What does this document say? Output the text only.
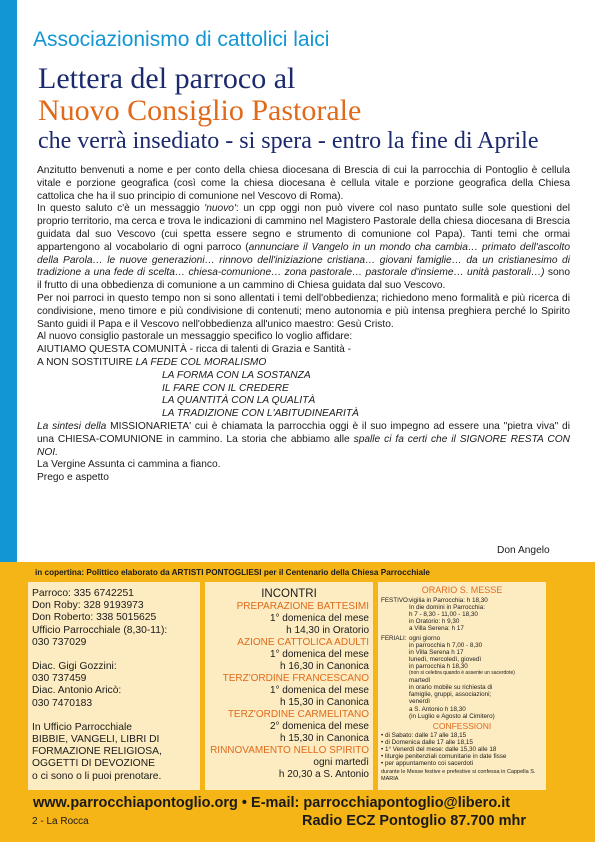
Associazionismo di cattolici laici
Lettera del parroco al
Nuovo Consiglio Pastorale
che verrà insediato - si spera - entro la fine di Aprile

Anzitutto benvenuti a nome e per conto della chiesa diocesana di Brescia di cui la parrocchia di Pontoglio è cellula vitale e porzione geografica (così come la chiesa diocesana è cellula vitale e porzione geografica della Chiesa cattolica che ha il suo principio di comunione nel Vescovo di Roma).

In questo saluto c'è un messaggio 'nuovo': un cpp oggi non può vivere col naso puntato sulle sole questioni del proprio territorio, ma cerca e trova le indicazioni di cammino nel Magistero Pastorale della chiesa diocesana di Brescia guidata dal suo Vescovo (cui spetta essere segno e strumento di comunione col Papa). Tanti temi che ormai appartengono al vocabolario di ogni parroco (annunciare il Vangelo in un mondo cha cambia… primato dell'ascolto della Parola… le nuove generazioni… rinnovo dell'iniziazione cristiana… giovani famiglie… da un cristianesimo di tradizione a una fede di scelta… chiesa-comunione… zona pastorale… pastorale d'insieme… unità pastorali…) sono il frutto di una obbedienza di comunione a un cammino di Chiesa guidata dal suo Vescovo.

Per noi parroci in questo tempo non si sono allentati i temi dell'obbedienza; richiedono meno formalità e più ricerca di condivisione, meno timore e più condivisione di contenuti; meno autonomia e più intensa preghiera perché lo Spirito Santo guidi il Papa e il Vescovo nell'obbedienza all'unico maestro: Gesù Cristo.

Al nuovo consiglio pastorale un messaggio specifico lo voglio affidare:

AIUTIAMO QUESTA COMUNITÀ - ricca di talenti di Grazia e Santità -

A NON SOSTITUIRE LA FEDE COL MORALISMO

LA FORMA CON LA SOSTANZA
IL FARE CON IL CREDERE
LA QUANTITÀ CON LA QUALITÀ
LA TRADIZIONE CON L'ABITUDINEARITÀ

La sintesi della MISSIONARIETA' cui è chiamata la parrocchia oggi è il suo impegno ad essere una "pietra viva" di una CHIESA-COMUNIONE in cammino. La storia che abbiamo alle spalle ci fa certi che il SIGNORE RESTA CON NOI.

La Vergine Assunta ci cammina a fianco.

Prego e aspetto

Don Angelo
in copertina: Polittico elaborato da ARTISTI PONTOGLIESI per il Centenario della Chiesa Parrocchiale
Parroco: 335 6742251
Don Roby: 328 9193973
Don Roberto: 338 5015625
Ufficio Parrocchiale (8,30-11):
030 737029
Diac. Gigi Gozzini:
030 737459
Diac. Antonio Aricò:
030 7470183
In Ufficio Parrocchiale
BIBBIE, VANGELI, LIBRI DI
FORMAZIONE RELIGIOSA,
OGGETTI DI DEVOZIONE
o ci sono o li puoi prenotare.
INCONTRI
PREPARAZIONE BATTESIMI
1° domenica del mese
h 14,30 in Oratorio
AZIONE CATTOLICA ADULTI
1° domenica del mese
h 16,30 in Canonica
TERZ'ORDINE FRANCESCANO
1° domenica del mese
h 15,30 in Canonica
TERZ'ORDINE CARMELITANO
2° domenica del mese
h 15,30 in Canonica
RINNOVAMENTO NELLO SPIRITO
ogni martedì
h 20,30 a S. Antonio
ORARIO S. MESSE
FESTIVO: vigilia in Parrocchia: h 18,30
In die domini in Parrocchia:
h 7 - 8,30 - 11,00 - 18,30
in Oratorio: h 9,30
a Villa Serena: h 17
FERIALI: ogni giorno
in parrocchia h 7,00 - 8,30
in Villa Serena h 17
lunedì, mercoledì, giovedì
in parrocchia h 18,30
(non si celebra quando è assente un sacerdote)
martedì
in orario mobile su richiesta di
famiglie, gruppi, associazioni;
venerdì
a S. Antonio h 18,30
(in Luglio e Agosto al Cimitero)
CONFESSIONI
• di Sabato: dalle 17 alle 18,15
• di Domenica dalle 17 alle 18,15
• 1° Venerdì del mese: dalle 15,30 alle 18
• liturgie penitenziali comunitarie in date fisse
• per appuntamento coi sacerdoti
durante le Messe festive e prefestive si confessa in Cappella S. MARIA
www.parrocchiapontoglio.org • E-mail: parrocchiapontoglio@libero.it
2 - La Rocca	Radio ECZ Pontoglio 87.700 mhr
